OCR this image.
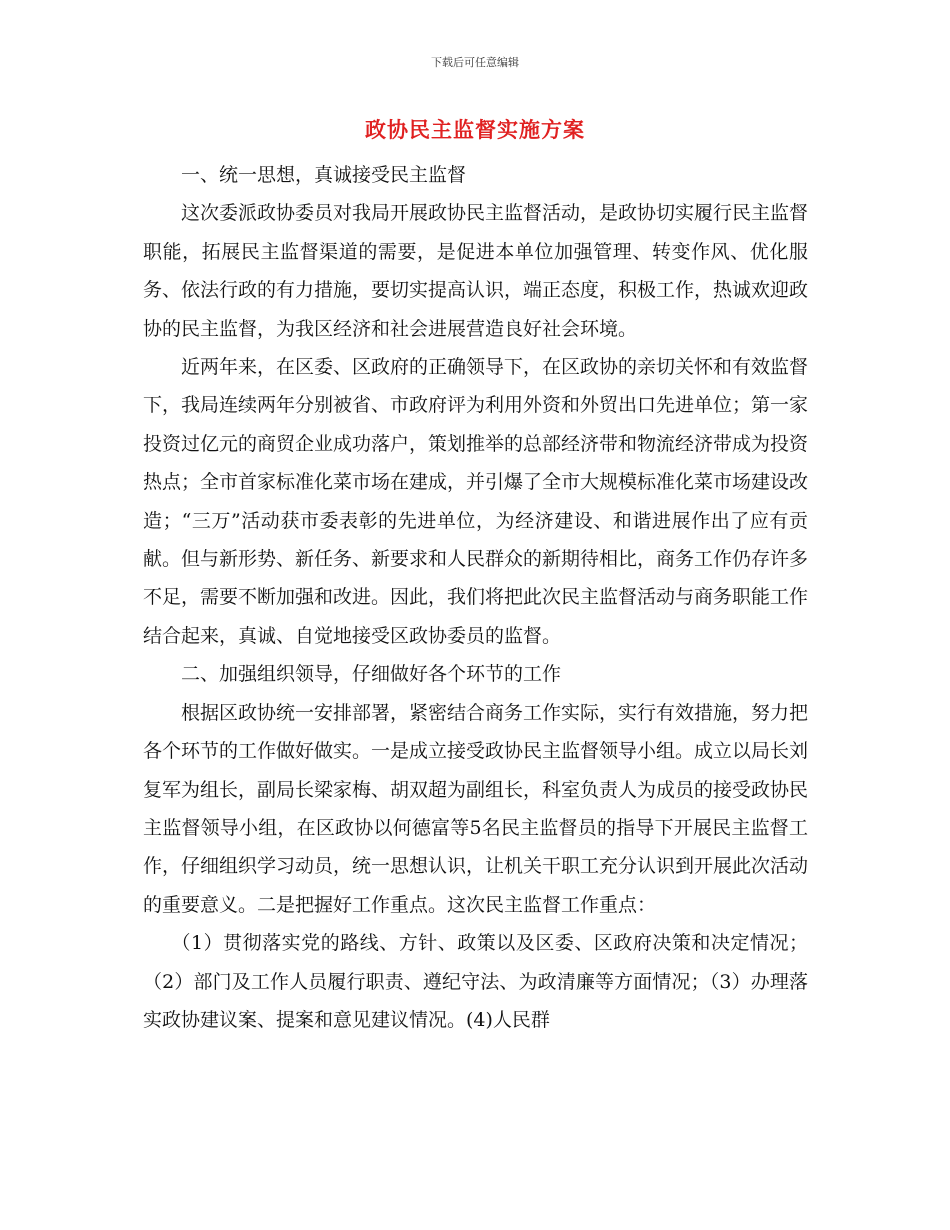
下载后可任意编辑
政协民主监督实施方案

一、统一思想，真诚接受民主监督

这次委派政协委员对我局开展政协民主监督活动，是政协切实履行民主监督职能，拓展民主监督渠道的需要，是促进本单位加强管理、转变作风、优化服务、依法行政的有力措施，要切实提高认识，端正态度，积极工作，热诚欢迎政协的民主监督，为我区经济和社会进展营造良好社会环境。

近两年来，在区委、区政府的正确领导下，在区政协的亲切关怀和有效监督下，我局连续两年分别被省、市政府评为利用外资和外贸出口先进单位；第一家投资过亿元的商贸企业成功落户，策划推举的总部经济带和物流经济带成为投资热点；全市首家标准化菜市场在建成，并引爆了全市大规模标准化菜市场建设改造；“三万”活动获市委表彰的先进单位，为经济建设、和谐进展作出了应有贡献。但与新形势、新任务、新要求和人民群众的新期待相比，商务工作仍存许多不足，需要不断加强和改进。因此，我们将把此次民主监督活动与商务职能工作结合起来，真诚、自觉地接受区政协委员的监督。

二、加强组织领导，仔细做好各个环节的工作

根据区政协统一安排部署，紧密结合商务工作实际，实行有效措施，努力把各个环节的工作做好做实。一是成立接受政协民主监督领导小组。成立以局长刘复军为组长，副局长梁家梅、胡双超为副组长，科室负责人为成员的接受政协民主监督领导小组，在区政协以何德富等5名民主监督员的指导下开展民主监督工作，仔细组织学习动员，统一思想认识，让机关干职工充分认识到开展此次活动的重要意义。二是把握好工作重点。这次民主监督工作重点：

（1）贯彻落实党的路线、方针、政策以及区委、区政府决策和决定情况；（2）部门及工作人员履行职责、遵纪守法、为政清廉等方面情况；（3）办理落实政协建议案、提案和意见建议情况。(4)人民群
